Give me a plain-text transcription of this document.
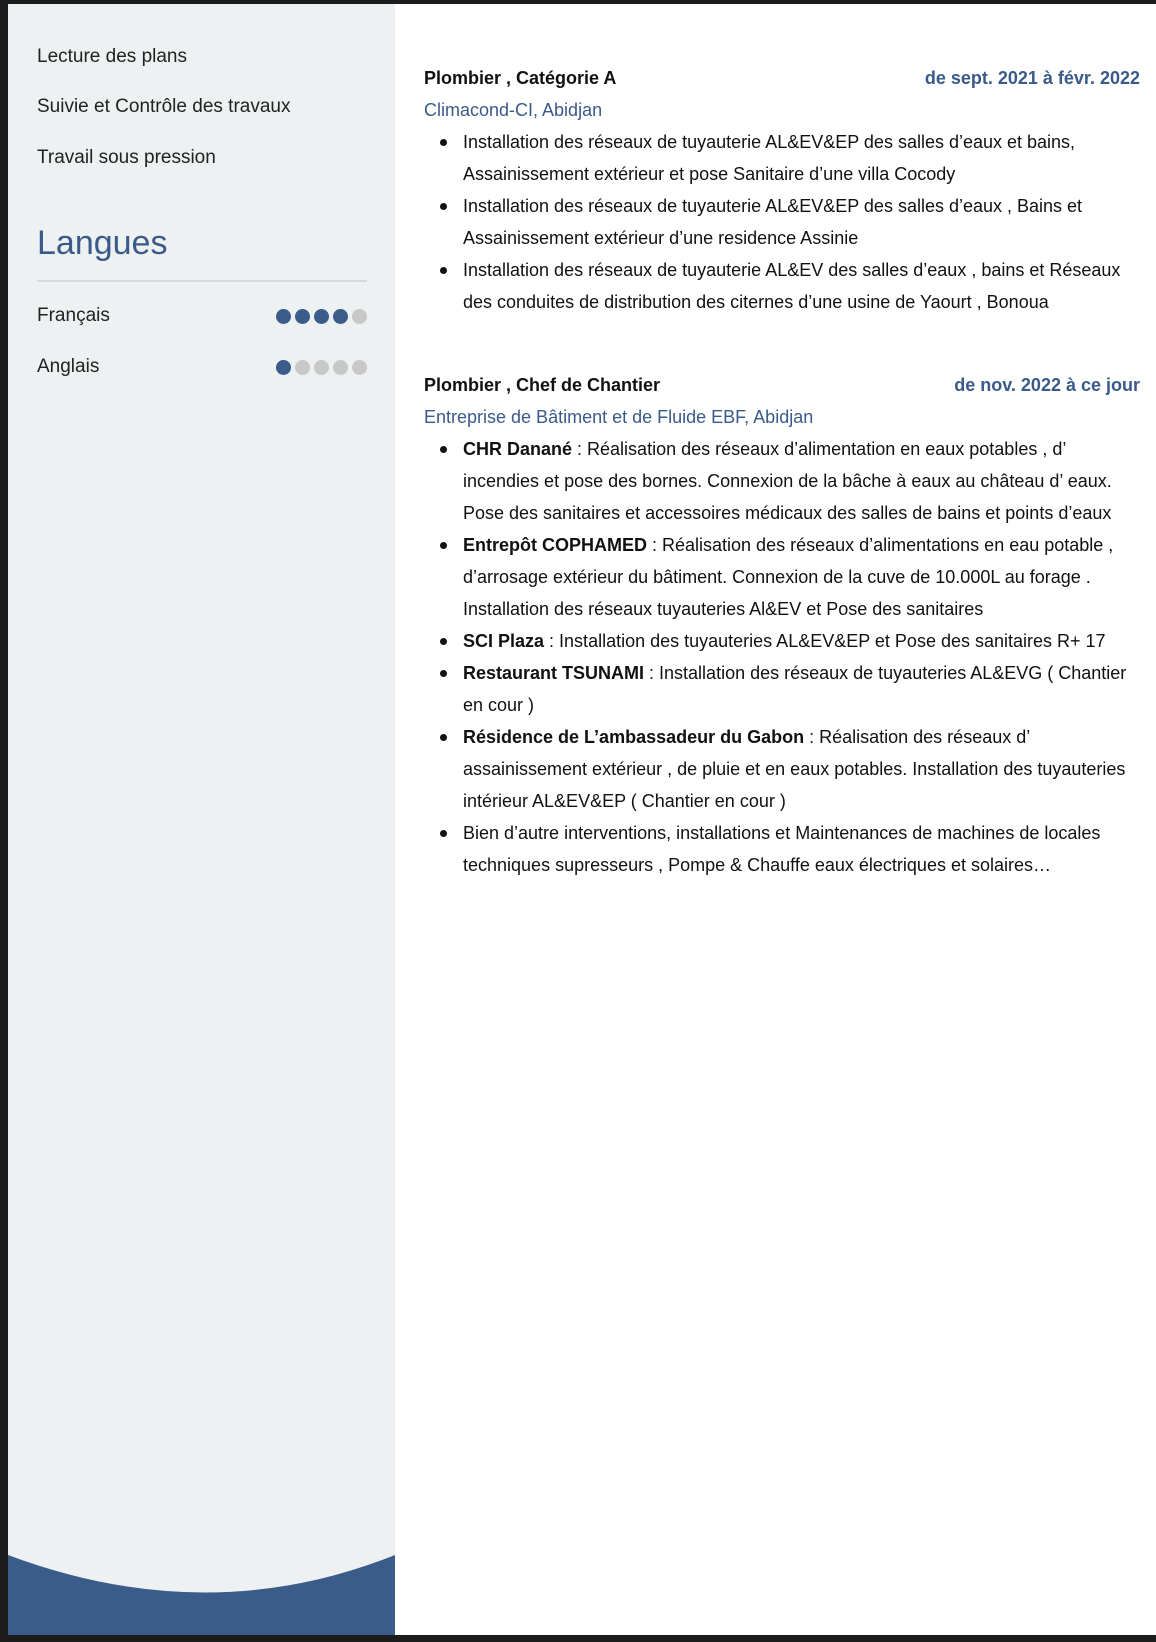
Lecture des plans
Suivie et Contrôle des travaux
Travail sous pression
Langues
Français
Anglais
Plombier , Catégorie A	de sept. 2021 à févr. 2022
Climacond-CI, Abidjan
Installation des réseaux de tuyauterie AL&EV&EP des salles d’eaux et bains, Assainissement extérieur et pose Sanitaire d’une villa Cocody
Installation des réseaux de tuyauterie AL&EV&EP des salles d’eaux , Bains et Assainissement extérieur d’une residence Assinie
Installation des réseaux de tuyauterie AL&EV des salles d’eaux , bains et Réseaux des conduites de distribution des citernes d’une usine de Yaourt , Bonoua
Plombier , Chef de Chantier	de nov. 2022 à ce jour
Entreprise de Bâtiment et de Fluide EBF, Abidjan
CHR Danané : Réalisation des réseaux d’alimentation en eaux potables , d’ incendies et pose des bornes. Connexion de la bâche à eaux au château d’ eaux. Pose des sanitaires et accessoires médicaux des salles de bains et points d’eaux
Entrepôt COPHAMED : Réalisation des réseaux d’alimentations en eau potable , d’arrosage extérieur du bâtiment. Connexion de la cuve de 10.000L au forage . Installation des réseaux tuyauteries Al&EV et Pose des sanitaires
SCI Plaza : Installation des tuyauteries AL&EV&EP et Pose des sanitaires R+ 17
Restaurant TSUNAMI : Installation des réseaux de tuyauteries AL&EVG ( Chantier en cour )
Résidence de L’ambassadeur du Gabon : Réalisation des réseaux d’ assainissement extérieur , de pluie et en eaux potables. Installation des tuyauteries intérieur AL&EV&EP ( Chantier en cour )
Bien d’autre interventions, installations et Maintenances de machines de locales techniques supresseurs , Pompe & Chauffe eaux électriques et solaires…
